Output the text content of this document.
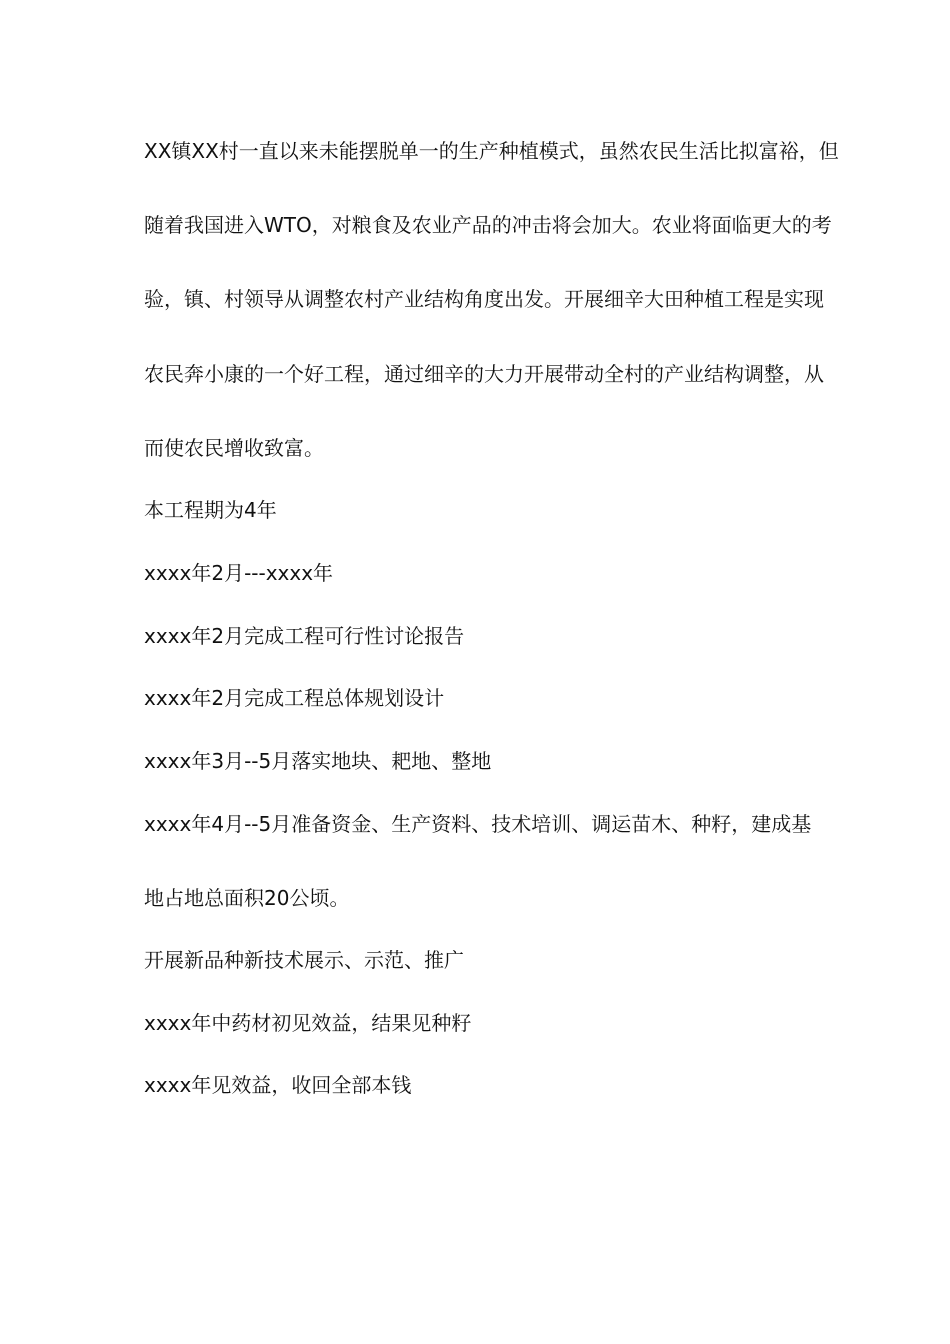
XX镇XX村一直以来未能摆脱单一的生产种植模式，虽然农民生活比拟富裕，但
随着我国进入WTO，对粮食及农业产品的冲击将会加大。农业将面临更大的考
验，镇、村领导从调整农村产业结构角度出发。开展细辛大田种植工程是实现
农民奔小康的一个好工程，通过细辛的大力开展带动全村的产业结构调整，从
而使农民增收致富。
本工程期为4年
xxxx年2月---xxxx年
xxxx年2月完成工程可行性讨论报告
xxxx年2月完成工程总体规划设计
xxxx年3月--5月落实地块、耙地、整地
xxxx年4月--5月准备资金、生产资料、技术培训、调运苗木、种籽，建成基
地占地总面积20公顷。
开展新品种新技术展示、示范、推广
xxxx年中药材初见效益，结果见种籽
xxxx年见效益，收回全部本钱
